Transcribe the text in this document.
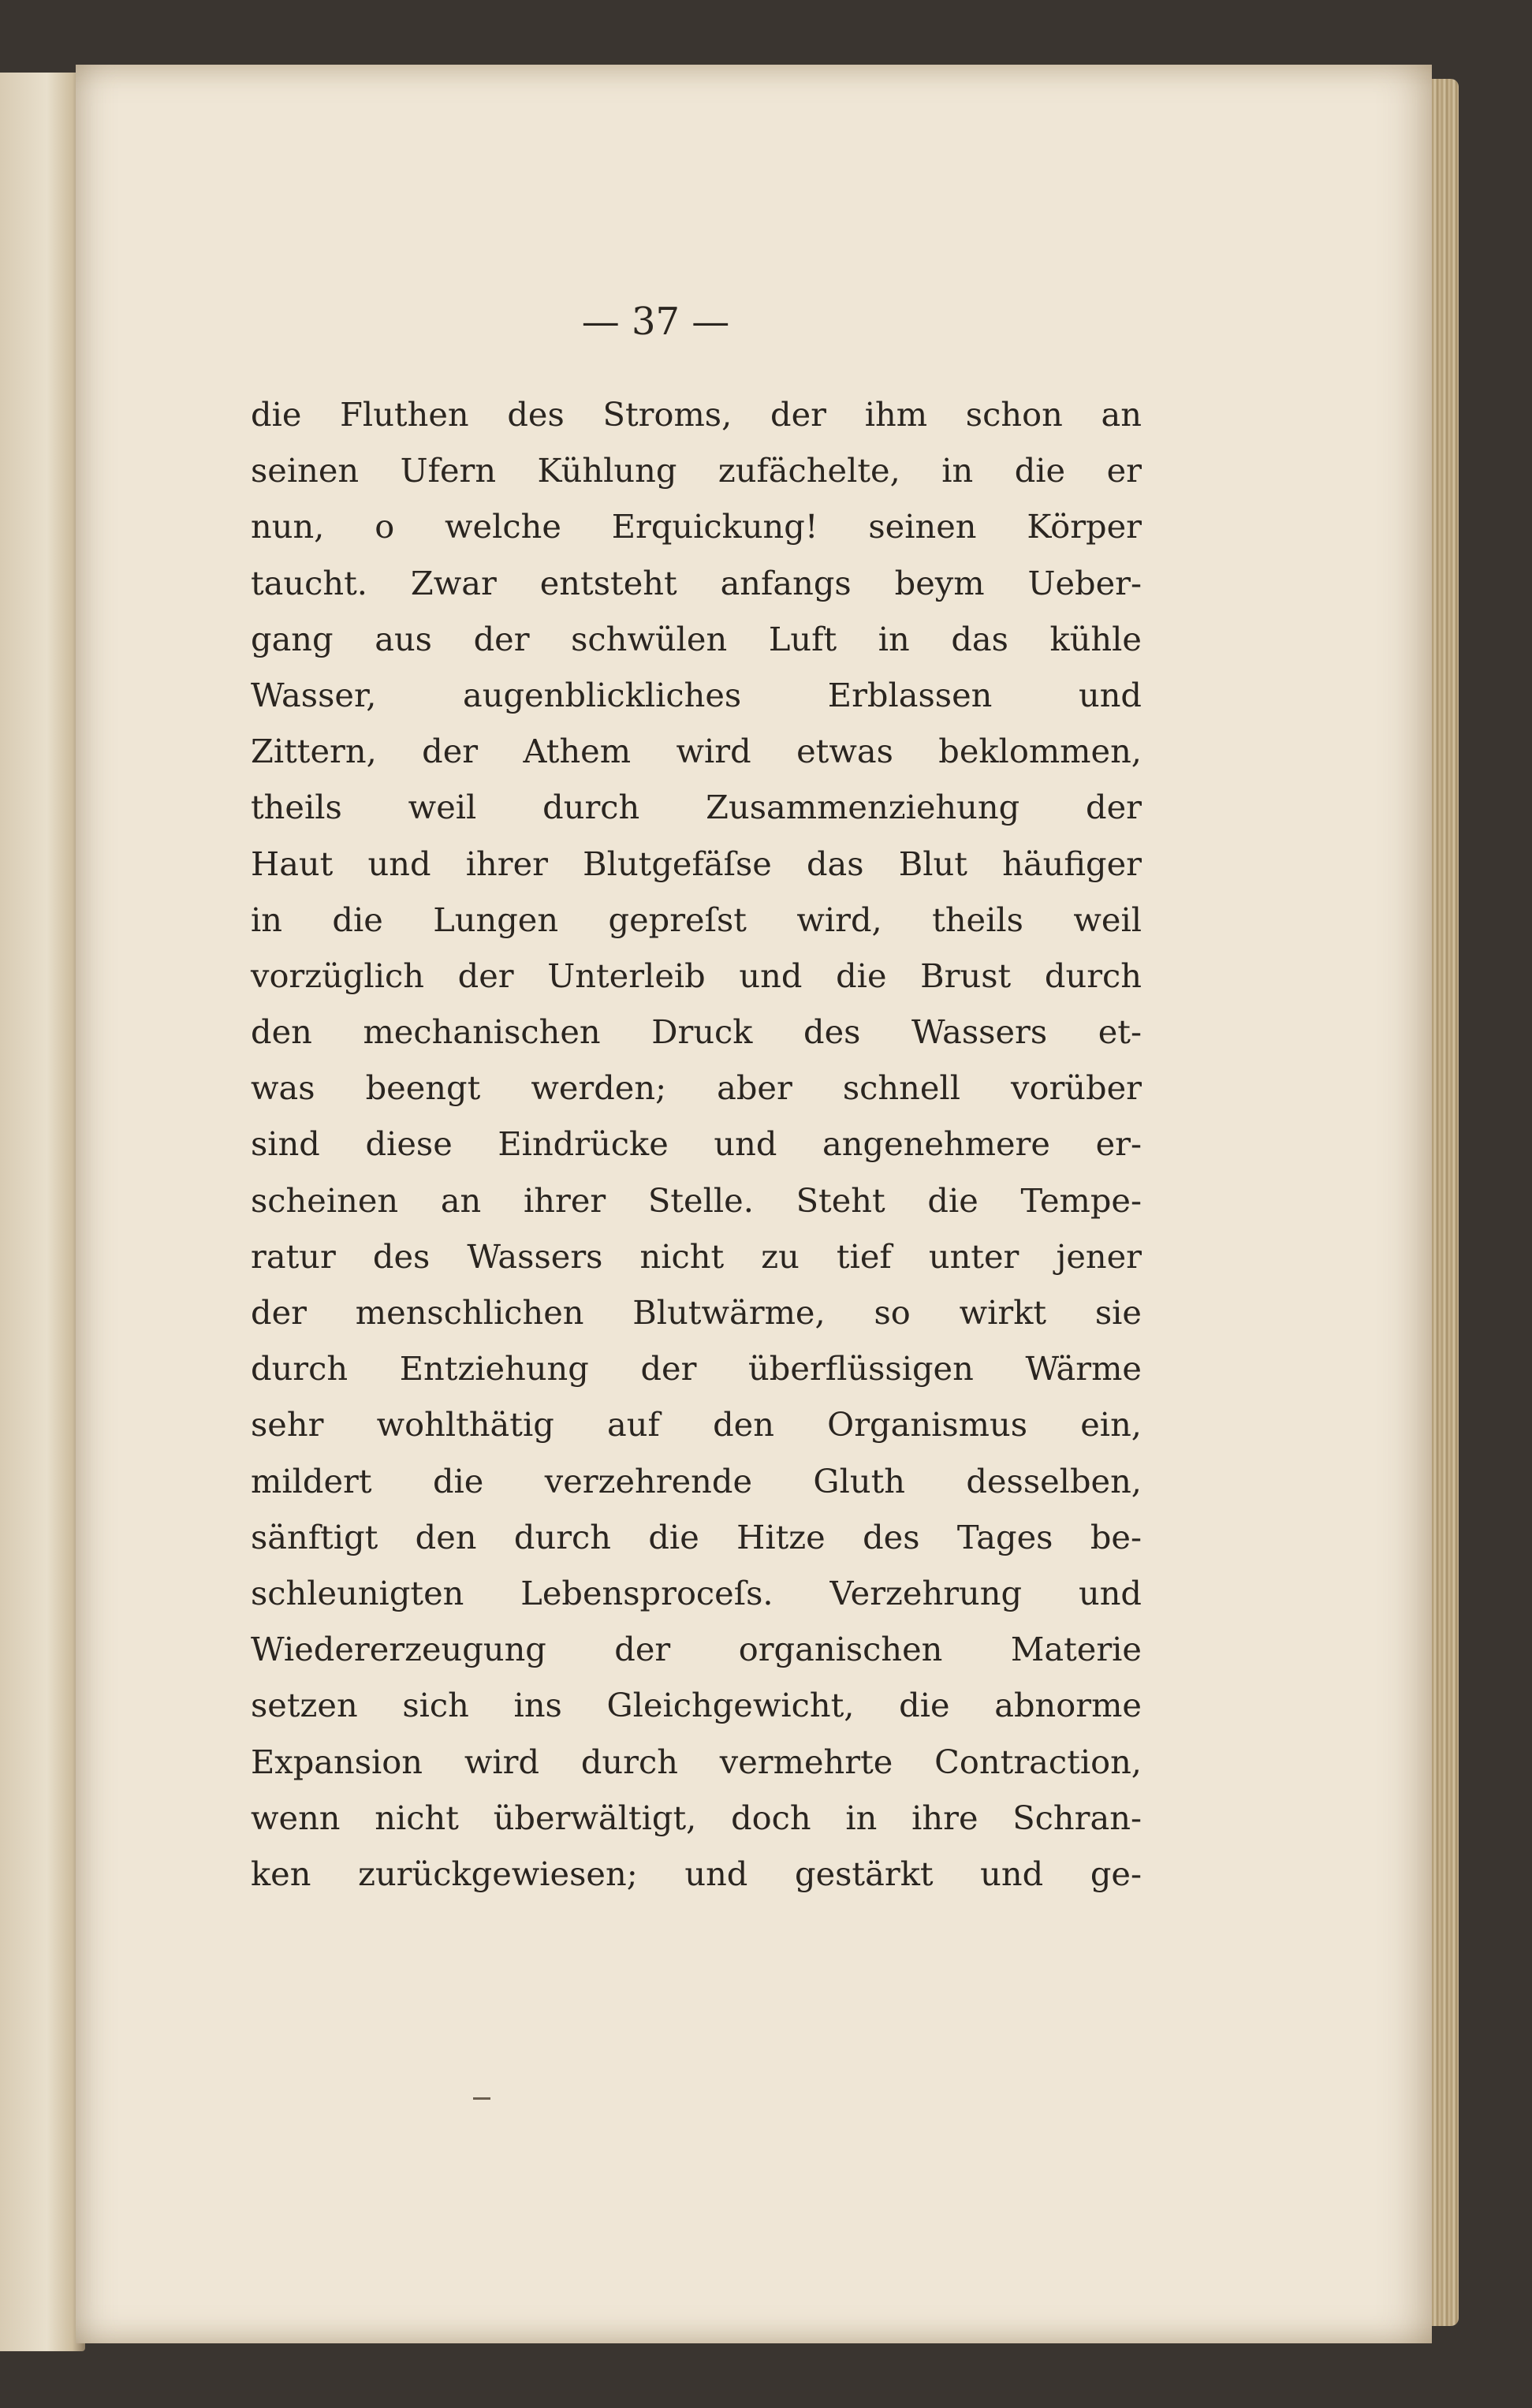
— 37 —
die Fluthen des Stroms, der ihm schon an
seinen Ufern Kühlung zufächelte, in die er
nun, o welche Erquickung! seinen Körper
taucht. Zwar entsteht anfangs beym Ueber-
gang aus der schwülen Luft in das kühle
Wasser, augenblickliches Erblassen und
Zittern, der Athem wird etwas beklommen,
theils weil durch Zusammenziehung der
Haut und ihrer Blutgefäſse das Blut häufiger
in die Lungen gepreſst wird, theils weil
vorzüglich der Unterleib und die Brust durch
den mechanischen Druck des Wassers et-
was beengt werden; aber schnell vorüber
sind diese Eindrücke und angenehmere er-
scheinen an ihrer Stelle. Steht die Tempe-
ratur des Wassers nicht zu tief unter jener
der menschlichen Blutwärme, so wirkt sie
durch Entziehung der überflüssigen Wärme
sehr wohlthätig auf den Organismus ein,
mildert die verzehrende Gluth desselben,
sänftigt den durch die Hitze des Tages be-
schleunigten Lebensproceſs. Verzehrung und
Wiedererzeugung der organischen Materie
setzen sich ins Gleichgewicht, die abnorme
Expansion wird durch vermehrte Contraction,
wenn nicht überwältigt, doch in ihre Schran-
ken zurückgewiesen; und gestärkt und ge-
